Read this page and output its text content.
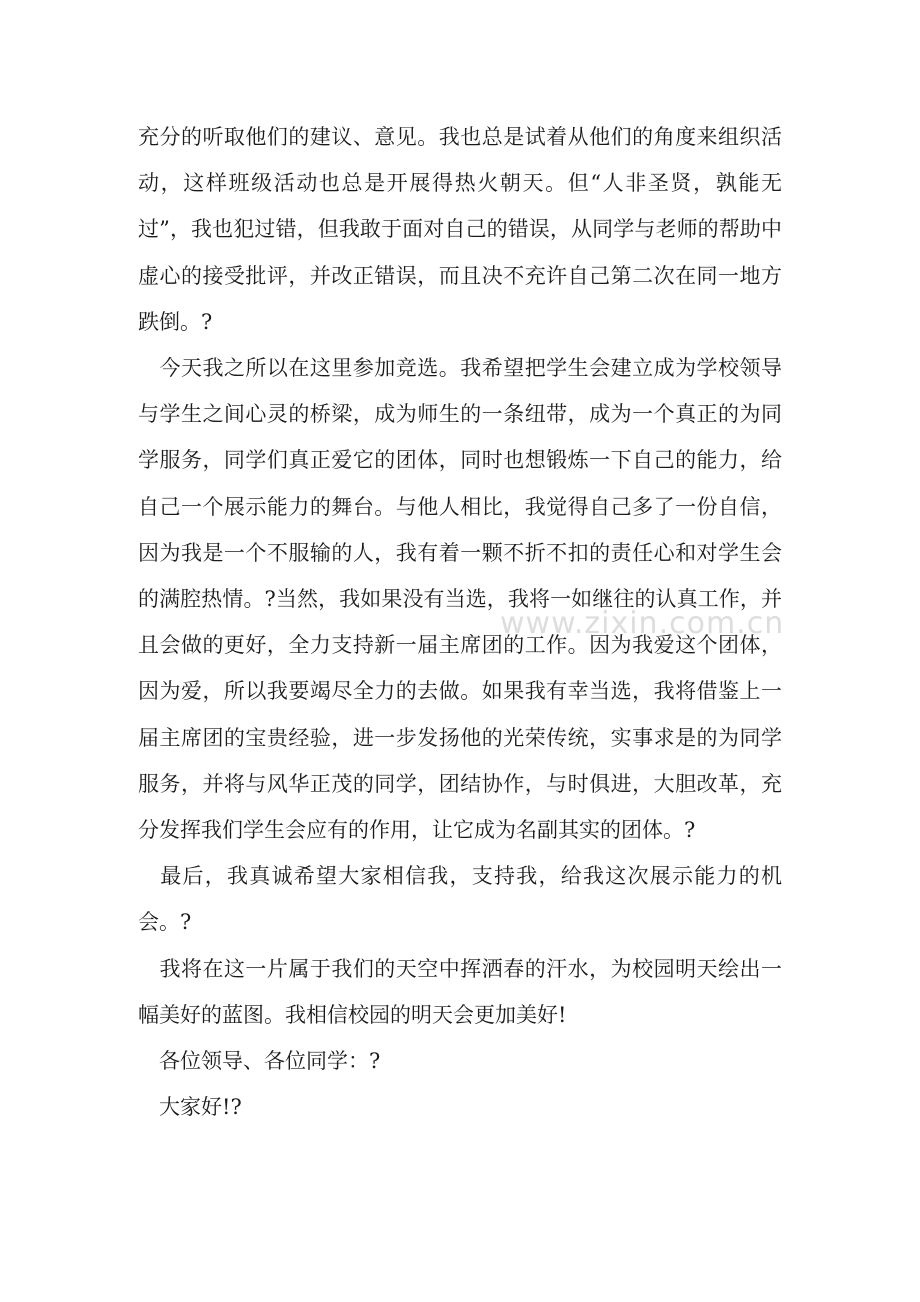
充分的听取他们的建议、意见。我也总是试着从他们的角度来组织活动，这样班级活动也总是开展得热火朝天。但“人非圣贤，孰能无过”，我也犯过错，但我敢于面对自己的错误，从同学与老师的帮助中虚心的接受批评，并改正错误，而且决不充许自己第二次在同一地方跌倒。?

　今天我之所以在这里参加竞选。我希望把学生会建立成为学校领导与学生之间心灵的桥梁，成为师生的一条纽带，成为一个真正的为同学服务，同学们真正爱它的团体，同时也想锻炼一下自己的能力，给自己一个展示能力的舞台。与他人相比，我觉得自己多了一份自信，因为我是一个不服输的人，我有着一颗不折不扣的责任心和对学生会的满腔热情。?当然，我如果没有当选，我将一如继往的认真工作，并且会做的更好，全力支持新一届主席团的工作。因为我爱这个团体，因为爱，所以我要竭尽全力的去做。如果我有幸当选，我将借鉴上一届主席团的宝贵经验，进一步发扬他的光荣传统，实事求是的为同学服务，并将与风华正茂的同学，团结协作，与时俱进，大胆改革，充分发挥我们学生会应有的作用，让它成为名副其实的团体。?

　最后，我真诚希望大家相信我，支持我，给我这次展示能力的机会。?

　我将在这一片属于我们的天空中挥洒春的汗水，为校园明天绘出一幅美好的蓝图。我相信校园的明天会更加美好!

　各位领导、各位同学：?

　大家好!?

www.zixin.com.cn
